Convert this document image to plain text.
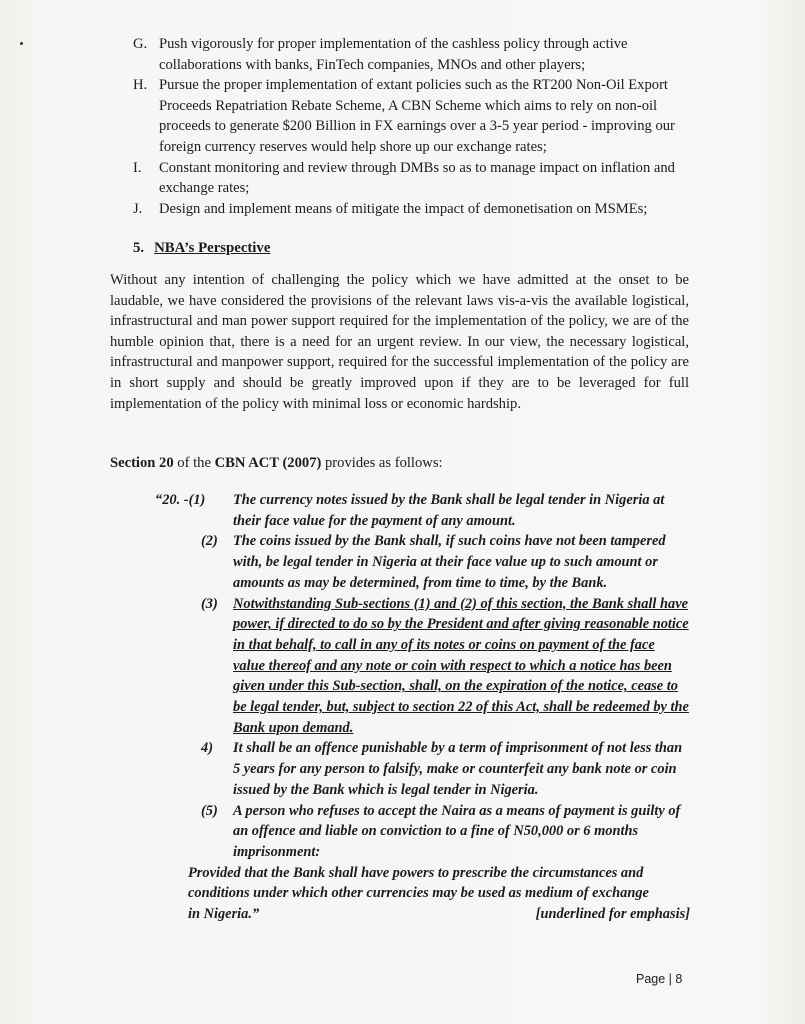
G. Push vigorously for proper implementation of the cashless policy through active collaborations with banks, FinTech companies, MNOs and other players;
H. Pursue the proper implementation of extant policies such as the RT200 Non-Oil Export Proceeds Repatriation Rebate Scheme, A CBN Scheme which aims to rely on non-oil proceeds to generate $200 Billion in FX earnings over a 3-5 year period - improving our foreign currency reserves would help shore up our exchange rates;
I. Constant monitoring and review through DMBs so as to manage impact on inflation and exchange rates;
J. Design and implement means of mitigate the impact of demonetisation on MSMEs;
5. NBA’s Perspective
Without any intention of challenging the policy which we have admitted at the onset to be laudable, we have considered the provisions of the relevant laws vis-a-vis the available logistical, infrastructural and man power support required for the implementation of the policy, we are of the humble opinion that, there is a need for an urgent review. In our view, the necessary logistical, infrastructural and manpower support, required for the successful implementation of the policy are in short supply and should be greatly improved upon if they are to be leveraged for full implementation of the policy with minimal loss or economic hardship.
Section 20 of the CBN ACT (2007) provides as follows:
“20. -(1) The currency notes issued by the Bank shall be legal tender in Nigeria at their face value for the payment of any amount.
(2) The coins issued by the Bank shall, if such coins have not been tampered with, be legal tender in Nigeria at their face value up to such amount or amounts as may be determined, from time to time, by the Bank.
(3) Notwithstanding Sub-sections (1) and (2) of this section, the Bank shall have power, if directed to do so by the President and after giving reasonable notice in that behalf, to call in any of its notes or coins on payment of the face value thereof and any note or coin with respect to which a notice has been given under this Sub-section, shall, on the expiration of the notice, cease to be legal tender, but, subject to section 22 of this Act, shall be redeemed by the Bank upon demand.
4) It shall be an offence punishable by a term of imprisonment of not less than 5 years for any person to falsify, make or counterfeit any bank note or coin issued by the Bank which is legal tender in Nigeria.
(5) A person who refuses to accept the Naira as a means of payment is guilty of an offence and liable on conviction to a fine of N50,000 or 6 months imprisonment:
Provided that the Bank shall have powers to prescribe the circumstances and conditions under which other currencies may be used as medium of exchange
in Nigeria.”	[underlined for emphasis]
Page | 8
